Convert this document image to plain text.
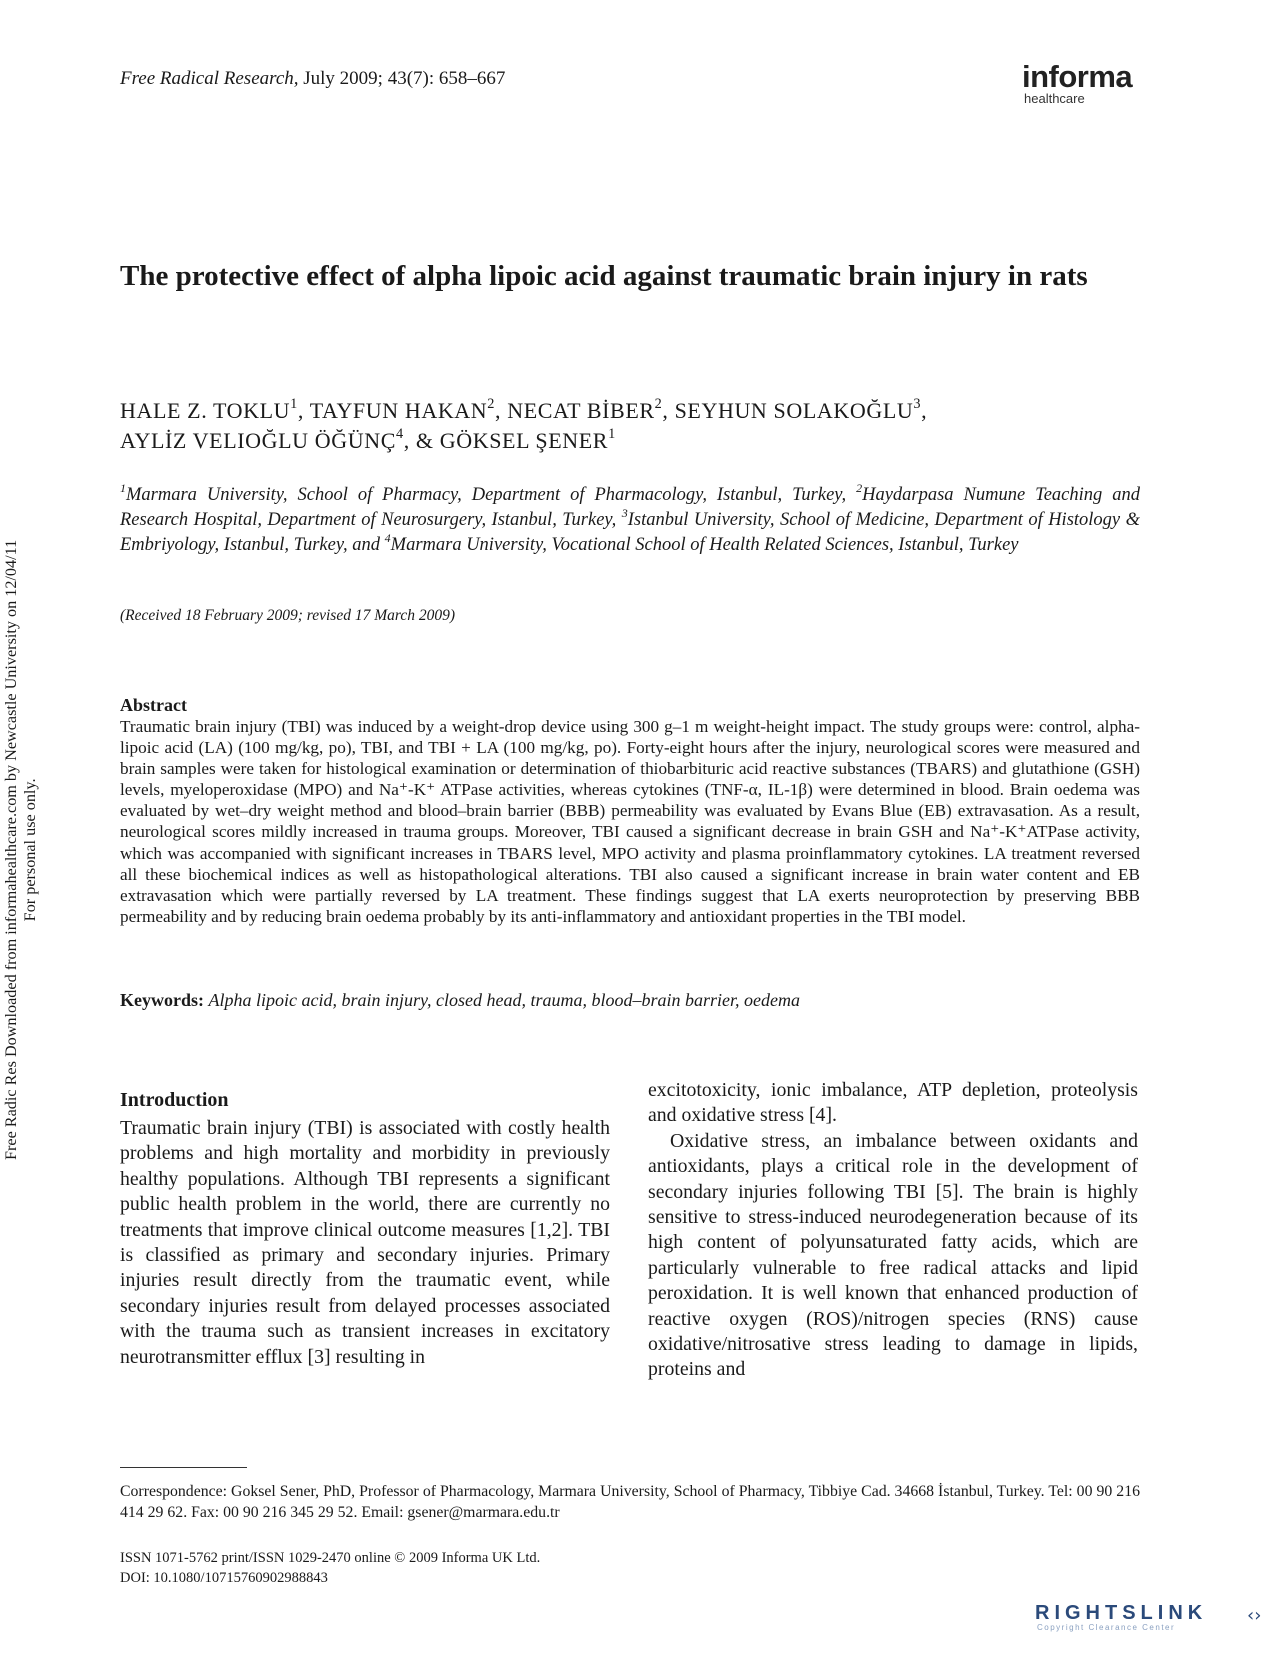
Free Radical Research, July 2009; 43(7): 658–667	informa
healthcare
The protective effect of alpha lipoic acid against traumatic brain injury in rats
HALE Z. TOKLU$^1$, TAYFUN HAKAN$^2$, NECAT BİBER$^2$, SEYHUN SOLAKOĞLU$^3$,
AYLİZ VELIOĞLU ÖĞÜNÇ$^4$, & GÖKSEL ŞENER$^1$
$^1$Marmara University, School of Pharmacy, Department of Pharmacology, Istanbul, Turkey, $^2$Haydarpasa Numune Teaching and Research Hospital, Department of Neurosurgery, Istanbul, Turkey, $^3$Istanbul University, School of Medicine, Department of Histology & Embriyology, Istanbul, Turkey, and $^4$Marmara University, Vocational School of Health Related Sciences, Istanbul, Turkey
(Received 18 February 2009; revised 17 March 2009)
Abstract
Traumatic brain injury (TBI) was induced by a weight-drop device using 300 g–1 m weight-height impact. The study groups were: control, alpha-lipoic acid (LA) (100 mg/kg, po), TBI, and TBI + LA (100 mg/kg, po). Forty-eight hours after the injury, neurological scores were measured and brain samples were taken for histological examination or determination of thiobarbituric acid reactive substances (TBARS) and glutathione (GSH) levels, myeloperoxidase (MPO) and Na⁺-K⁺ ATPase activities, whereas cytokines (TNF-α, IL-1β) were determined in blood. Brain oedema was evaluated by wet–dry weight method and blood–brain barrier (BBB) permeability was evaluated by Evans Blue (EB) extravasation. As a result, neurological scores mildly increased in trauma groups. Moreover, TBI caused a significant decrease in brain GSH and Na⁺-K⁺ATPase activity, which was accompanied with significant increases in TBARS level, MPO activity and plasma proinflammatory cytokines. LA treatment reversed all these biochemical indices as well as histopathological alterations. TBI also caused a significant increase in brain water content and EB extravasation which were partially reversed by LA treatment. These findings suggest that LA exerts neuroprotection by preserving BBB permeability and by reducing brain oedema probably by its anti-inflammatory and antioxidant properties in the TBI model.
Keywords: Alpha lipoic acid, brain injury, closed head, trauma, blood–brain barrier, oedema
Introduction
Traumatic brain injury (TBI) is associated with costly health problems and high mortality and morbidity in previously healthy populations. Although TBI represents a significant public health problem in the world, there are currently no treatments that improve clinical outcome measures [1,2]. TBI is classified as primary and secondary injuries. Primary injuries result directly from the traumatic event, while secondary injuries result from delayed processes associated with the trauma such as transient increases in excitatory neurotransmitter efflux [3] resulting in

excitotoxicity, ionic imbalance, ATP depletion, proteolysis and oxidative stress [4].

Oxidative stress, an imbalance between oxidants and antioxidants, plays a critical role in the development of secondary injuries following TBI [5]. The brain is highly sensitive to stress-induced neurodegeneration because of its high content of polyunsaturated fatty acids, which are particularly vulnerable to free radical attacks and lipid peroxidation. It is well known that enhanced production of reactive oxygen (ROS)/nitrogen species (RNS) cause oxidative/nitrosative stress leading to damage in lipids, proteins and

Correspondence: Goksel Sener, PhD, Professor of Pharmacology, Marmara University, School of Pharmacy, Tibbiye Cad. 34668 İstanbul, Turkey. Tel: 00 90 216 414 29 62. Fax: 00 90 216 345 29 52. Email: gsener@marmara.edu.tr
ISSN 1071-5762 print/ISSN 1029-2470 online © 2009 Informa UK Ltd.
DOI: 10.1080/10715760902988843
Free Radic Res Downloaded from informahealthcare.com by Newcastle University on 12/04/11 For personal use only.
RIGHTSLINK	‹›
Copyright Clearance Center
